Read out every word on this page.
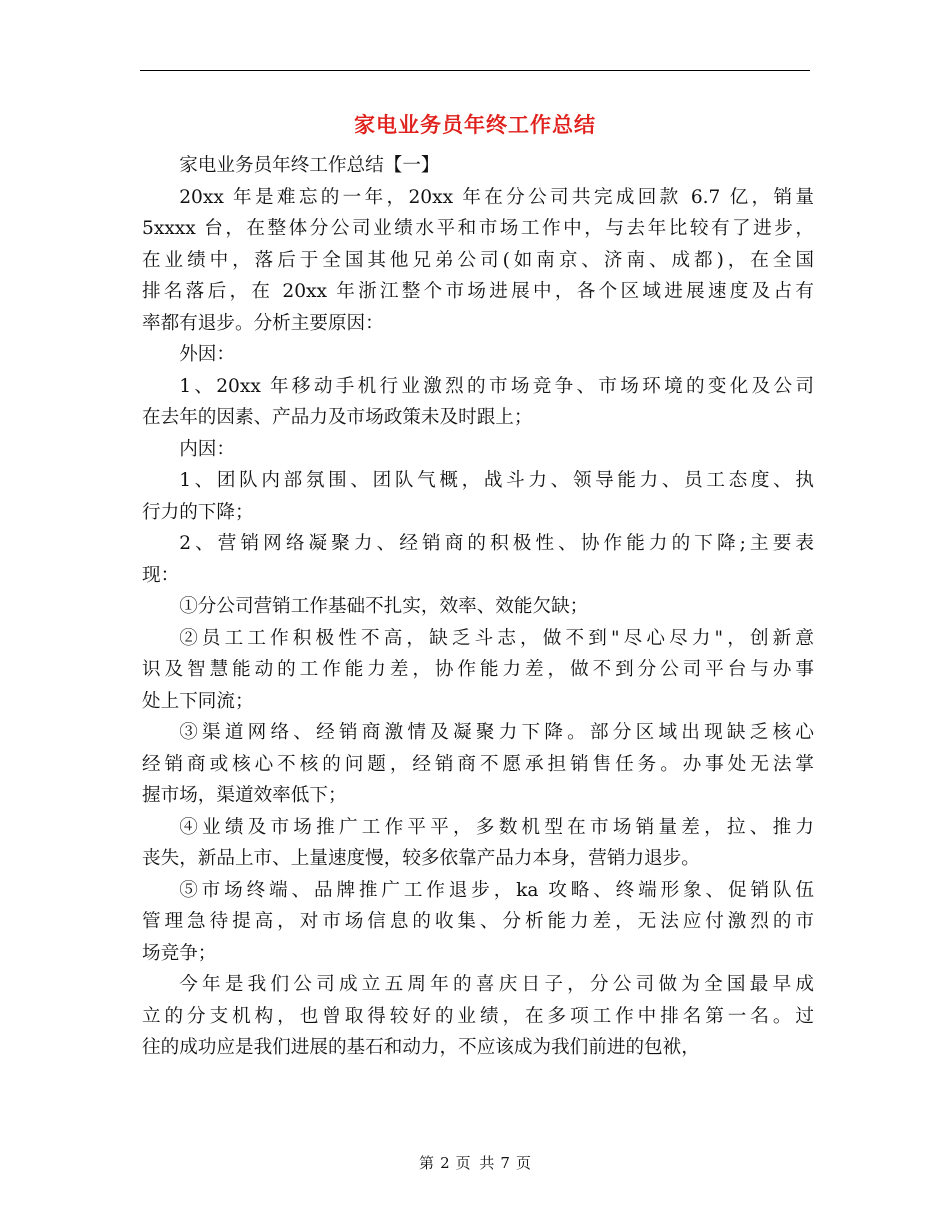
家电业务员年终工作总结
家电业务员年终工作总结【一】
20xx 年是难忘的一年，20xx 年在分公司共完成回款 6.7 亿，销量
5xxxx 台，在整体分公司业绩水平和市场工作中，与去年比较有了进步，
在业绩中，落后于全国其他兄弟公司(如南京、济南、成都)，在全国
排名落后，在 20xx 年浙江整个市场进展中，各个区域进展速度及占有
率都有退步。分析主要原因：
外因：
1、20xx 年移动手机行业激烈的市场竞争、市场环境的变化及公司
在去年的因素、产品力及市场政策未及时跟上；
内因：
1、团队内部氛围、团队气概，战斗力、领导能力、员工态度、执
行力的下降；
2、营销网络凝聚力、经销商的积极性、协作能力的下降;主要表
现：
①分公司营销工作基础不扎实，效率、效能欠缺；
②员工工作积极性不高，缺乏斗志，做不到"尽心尽力"，创新意
识及智慧能动的工作能力差，协作能力差，做不到分公司平台与办事
处上下同流；
③渠道网络、经销商激情及凝聚力下降。部分区域出现缺乏核心
经销商或核心不核的问题，经销商不愿承担销售任务。办事处无法掌
握市场，渠道效率低下；
④业绩及市场推广工作平平，多数机型在市场销量差，拉、推力
丧失，新品上市、上量速度慢，较多依靠产品力本身，营销力退步。
⑤市场终端、品牌推广工作退步，ka 攻略、终端形象、促销队伍
管理急待提高，对市场信息的收集、分析能力差，无法应付激烈的市
场竞争；
今年是我们公司成立五周年的喜庆日子，分公司做为全国最早成
立的分支机构，也曾取得较好的业绩，在多项工作中排名第一名。过
往的成功应是我们进展的基石和动力，不应该成为我们前进的包袱，
第 2 页 共 7 页
